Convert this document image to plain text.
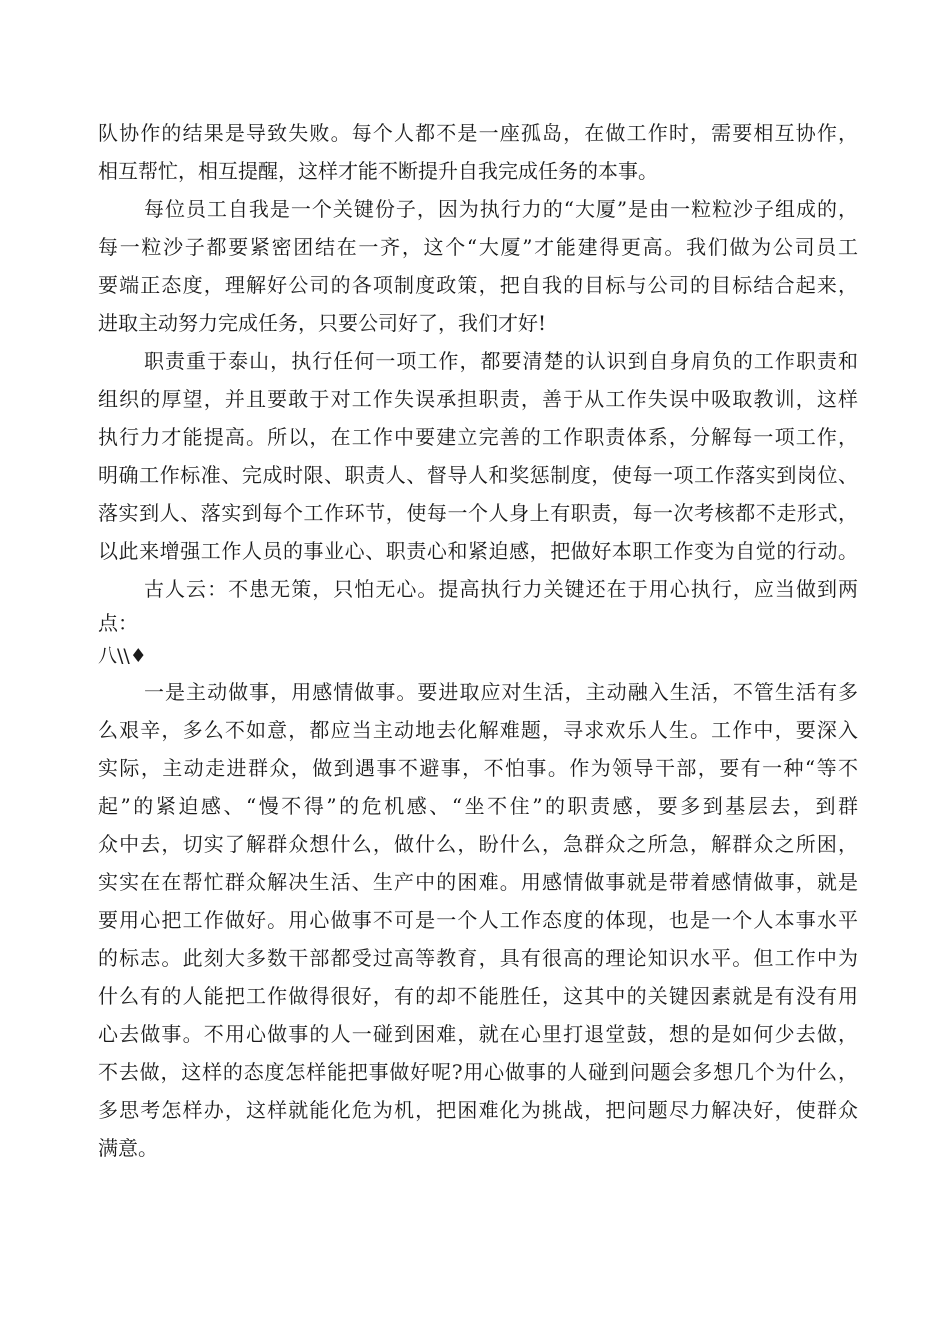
队协作的结果是导致失败。每个人都不是一座孤岛，在做工作时，需要相互协作，
相互帮忙，相互提醒，这样才能不断提升自我完成任务的本事。
每位员工自我是一个关键份子，因为执行力的“大厦”是由一粒粒沙子组成的，
每一粒沙子都要紧密团结在一齐，这个“大厦”才能建得更高。我们做为公司员工
要端正态度，理解好公司的各项制度政策，把自我的目标与公司的目标结合起来，
进取主动努力完成任务，只要公司好了，我们才好!
职责重于泰山，执行任何一项工作，都要清楚的认识到自身肩负的工作职责和
组织的厚望，并且要敢于对工作失误承担职责，善于从工作失误中吸取教训，这样
执行力才能提高。所以，在工作中要建立完善的工作职责体系，分解每一项工作，
明确工作标准、完成时限、职责人、督导人和奖惩制度，使每一项工作落实到岗位、
落实到人、落实到每个工作环节，使每一个人身上有职责，每一次考核都不走形式，
以此来增强工作人员的事业心、职责心和紧迫感，把做好本职工作变为自觉的行动。
古人云：不患无策，只怕无心。提高执行力关键还在于用心执行，应当做到两
点：
八\\♦
一是主动做事，用感情做事。要进取应对生活，主动融入生活，不管生活有多
么艰辛，多么不如意，都应当主动地去化解难题，寻求欢乐人生。工作中，要深入
实际，主动走进群众，做到遇事不避事，不怕事。作为领导干部，要有一种“等不
起”的紧迫感、“慢不得”的危机感、“坐不住”的职责感，要多到基层去，到群
众中去，切实了解群众想什么，做什么，盼什么，急群众之所急，解群众之所困，
实实在在帮忙群众解决生活、生产中的困难。用感情做事就是带着感情做事，就是
要用心把工作做好。用心做事不可是一个人工作态度的体现，也是一个人本事水平
的标志。此刻大多数干部都受过高等教育，具有很高的理论知识水平。但工作中为
什么有的人能把工作做得很好，有的却不能胜任，这其中的关键因素就是有没有用
心去做事。不用心做事的人一碰到困难，就在心里打退堂鼓，想的是如何少去做，
不去做，这样的态度怎样能把事做好呢?用心做事的人碰到问题会多想几个为什么，
多思考怎样办，这样就能化危为机，把困难化为挑战，把问题尽力解决好，使群众
满意。
